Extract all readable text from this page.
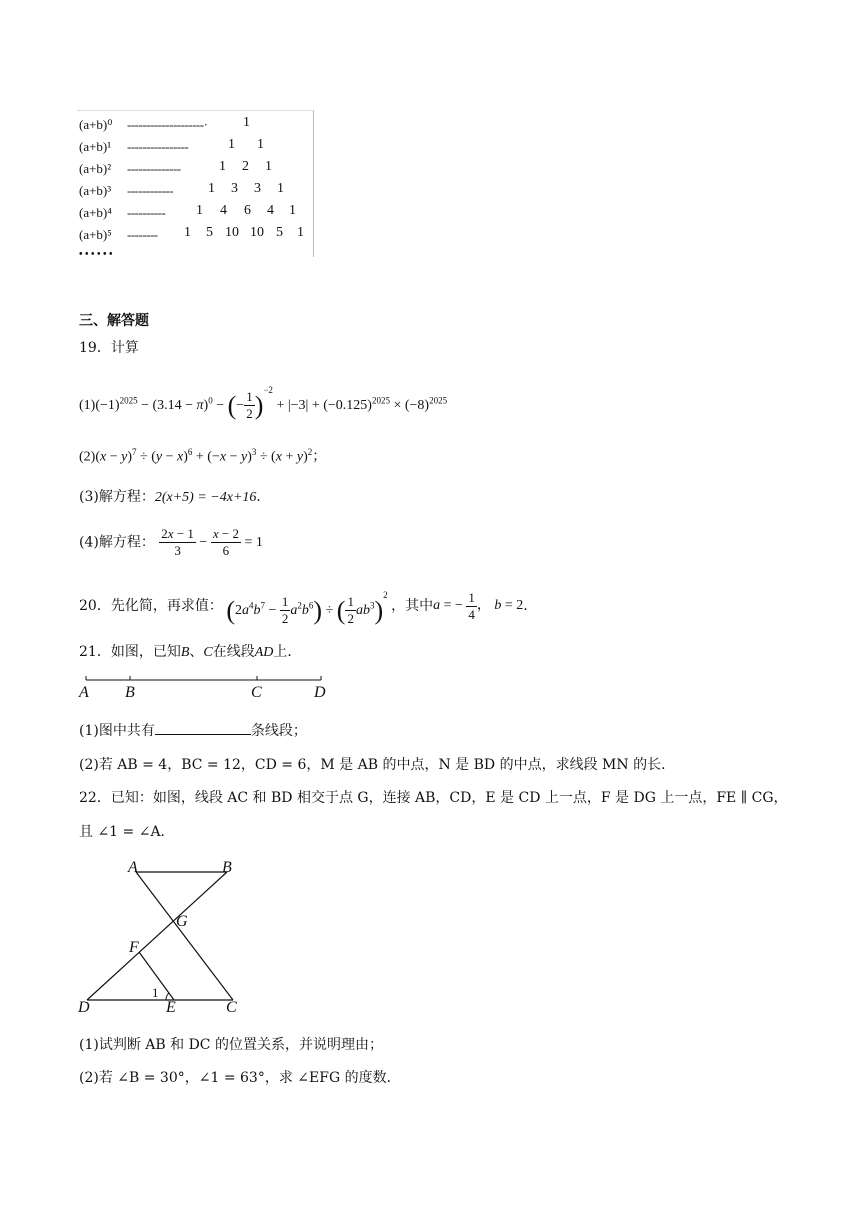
(a+b)⁰ --------------------·	1
(a+b)¹ ----------------	1 1
(a+b)² --------------	1 2 1
(a+b)³ ------------	1 3 3 1
(a+b)⁴ ---------- 1 4 6 4 1
(a+b)⁵ -------- 1 5 10 10 5 1
• • • • • •
三、解答题
19．计算
$(1)(-1)^{2025} - (3.14 - \pi)^0$ − (− $\frac{1}{2} )^{-2} + |-3| + (-0.125)^{2025} \times (-8)^{2025}$
$(2)(x - y)^7 \div (y - x)^6 + (-x - y)^3 \div (x + y)^2$；
(3)解方程：2(x+5) = −4x+16．
(4)解方程： $\frac{2x - 1}{3} - \frac{x - 2}{6} = 1$
20．先化简，再求值： $(2a^4b^7 - \frac{1}{2} a^2b^6)$ ÷ ( $\frac{1}{2} ab^3)^2$ ，其中a = − $\frac{1}{4}$ ， b = 2．
21．如图，已知B、C在线段AD上．
A B	C	D
(1)图中共有	条线段；
(2)若 AB = 4，BC = 12，CD = 6，M 是 AB 的中点，N 是 BD 的中点，求线段 MN 的长．
22．已知：如图，线段 AC 和 BD 相交于点 G，连接 AB，CD，E 是 CD 上一点，F 是 DG 上一点，FE ∥ CG，
且 ∠1 = ∠A．
A	B
G
F
D	E	C
1
(1)试判断 AB 和 DC 的位置关系，并说明理由；
(2)若 ∠B = 30°，∠1 = 63°，求 ∠EFG 的度数．
